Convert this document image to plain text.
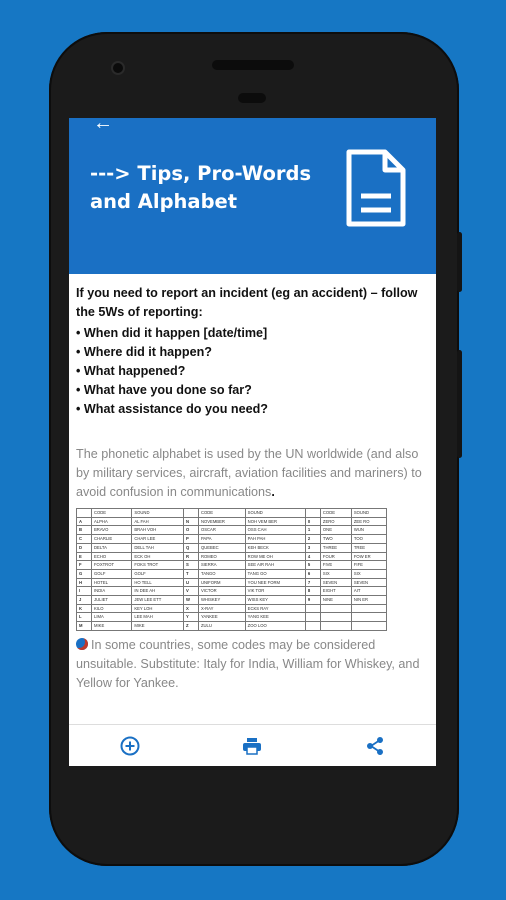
←
---> Tips, Pro-Words and Alphabet

If you need to report an incident (eg an accident) – follow the 5Ws of reporting:

• When did it happen [date/time]
• Where did it happen?
• What happened?
• What have you done so far?
• What assistance do you need?

The phonetic alphabet is used by the UN worldwide (and also by military services, aircraft, aviation facilities and mariners) to avoid confusion in communications.

	CODE	SOUND		CODE	SOUND		CODE	SOUND
A	ALPHA	AL FAH	N	NOVEMBER	NOH VEM BER	0	ZERO	ZEE RO
B	BRAVO	BRAH VOH	O	OSCAR	OSS CAH	1	ONE	WUN
C	CHARLIE	CHAR LEE	P	PAPA	PAH PAH	2	TWO	TOO
D	DELTA	DELL TAH	Q	QUEBEC	KEH BECK	3	THREE	TREE
E	ECHO	ECK OH	R	ROMEO	ROW ME OH	4	FOUR	FOW ER
F	FOXTROT	FOKS TROT	S	SIERRA	SEE AIR RAH	5	FIVE	FIFE
G	GOLF	GOLF	T	TANGO	TANG GO	6	SIX	SIX
H	HOTEL	HO TELL	U	UNIFORM	YOU NEE FORM	7	SEVEN	SEVEN
I	INDIA	IN DEE AH	V	VICTOR	VIK TOR	8	EIGHT	AIT
J	JULIET	JEW LEE ETT	W	WHISKEY	WISS KEY	9	NINE	NIN ER
K	KILO	KEY LOH	X	X-RAY	ECKS RAY			
L	LIMA	LEE MAH	Y	YANKEE	YANG KEE			
M	MIKE	MIKE	Z	ZULU	ZOO LOO			

In some countries, some codes may be considered unsuitable. Substitute: Italy for India, William for Whiskey, and Yellow for Yankee.
